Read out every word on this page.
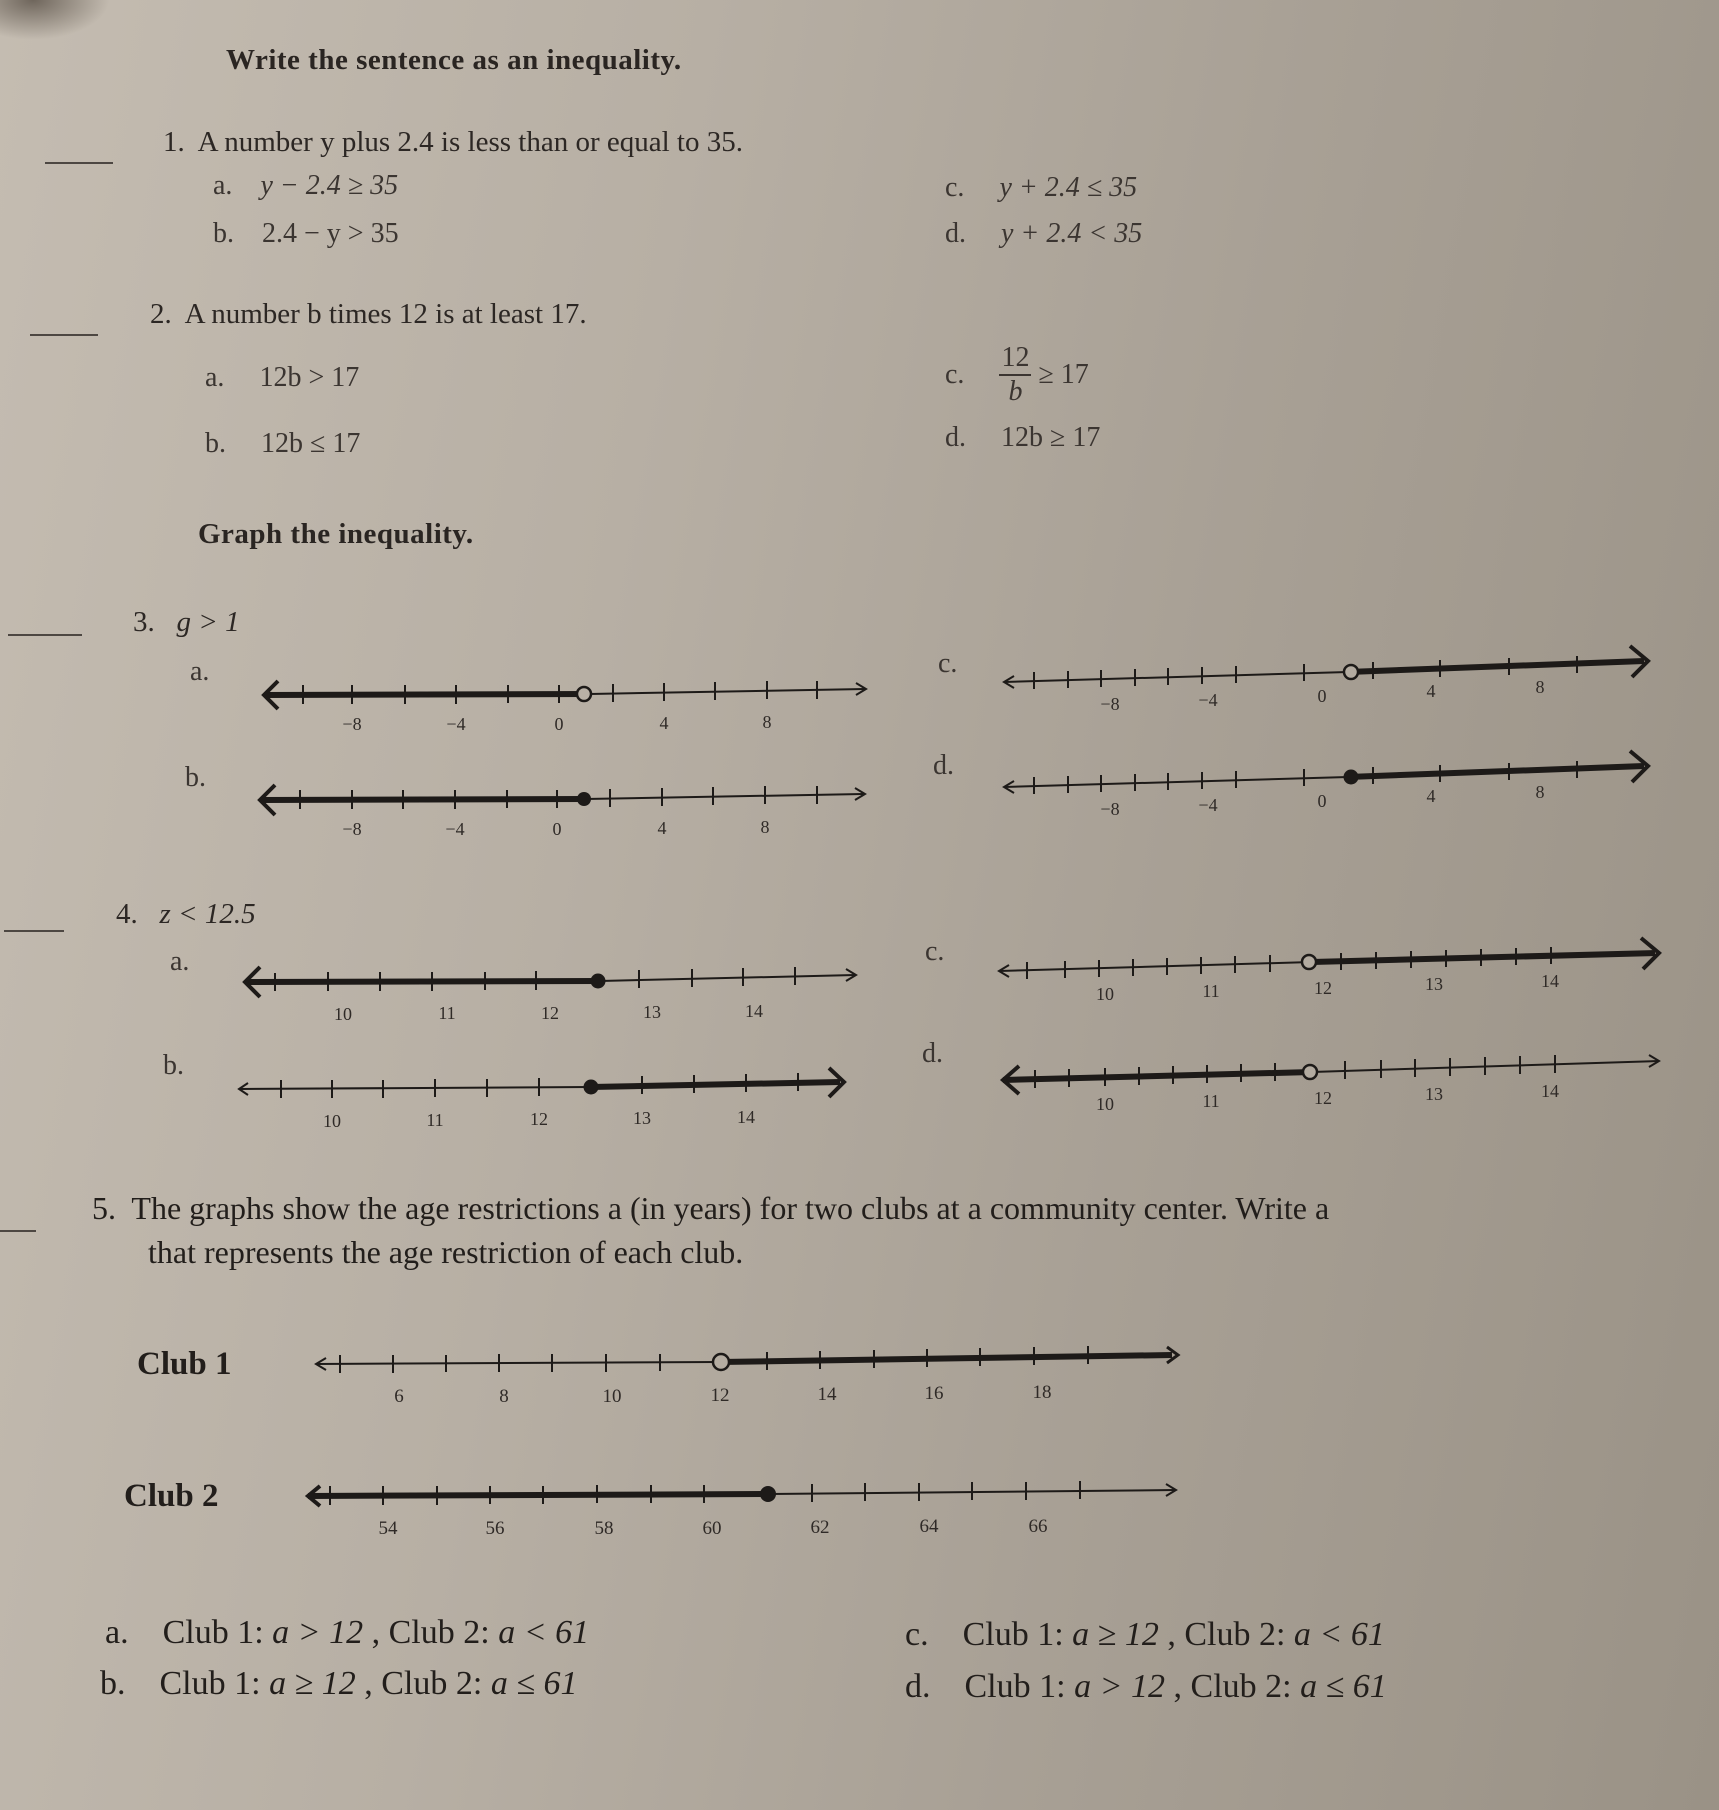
Write the sentence as an inequality.
1. A number y plus 2.4 is less than or equal to 35.
a. y − 2.4 ≥ 35
b. 2.4 − y > 35
c. y + 2.4 ≤ 35
d. y + 2.4 < 35
2. A number b times 12 is at least 17.
a. 12b > 17
b. 12b ≤ 17
c. $\frac{12}{b} \ge 17$
d. 12b ≥ 17
Graph the inequality.
3. g > 1
a.
b.
c.
d.
−8	−4	0	4	8
−8	−4	0	4	8
−8	−4	0	4	8
−8	−4	0	4	8
4. z < 12.5
a.
b.
c.
d.
10	11	12	13	14
10	11	12	13	14
10	11	12	13	14
10	11	12	13	14
5. The graphs show the age restrictions a (in years) for two clubs at a community center. Write a
that represents the age restriction of each club.
Club 1
Club 2
6	8	10	12	14	16	18
54	56	58	60	62	64	66
a. Club 1: a > 12 , Club 2: a < 61
b. Club 1: a ≥ 12 , Club 2: a ≤ 61
c. Club 1: a ≥ 12 , Club 2: a < 61
d. Club 1: a > 12 , Club 2: a ≤ 61
